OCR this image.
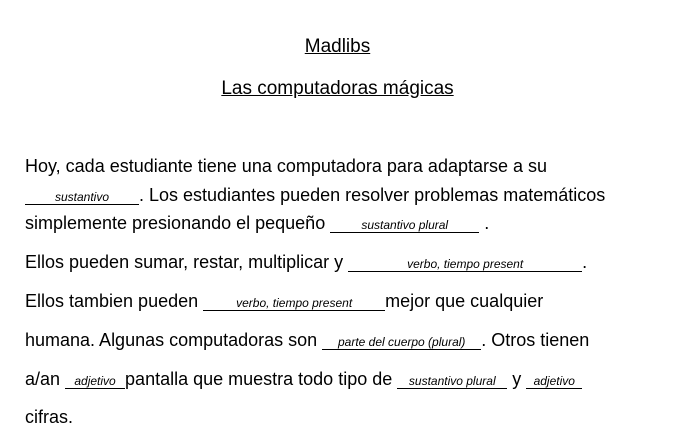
Madlibs
Las computadoras mágicas
Hoy, cada estudiante tiene una computadora para adaptarse a su
sustantivo . Los estudiantes pueden resolver problemas matemáticos
simplemente presionando el pequeño	sustantivo plural .
Ellos pueden sumar, restar, multiplicar y	verbo, tiempo present	.
Ellos tambien pueden	verbo, tiempo present mejor que cualquier
humana. Algunas computadoras son parte del cuerpo (plural) . Otros tienen
a/an adjetivo pantalla que muestra todo tipo de sustantivo plural y adjetivo
cifras.
